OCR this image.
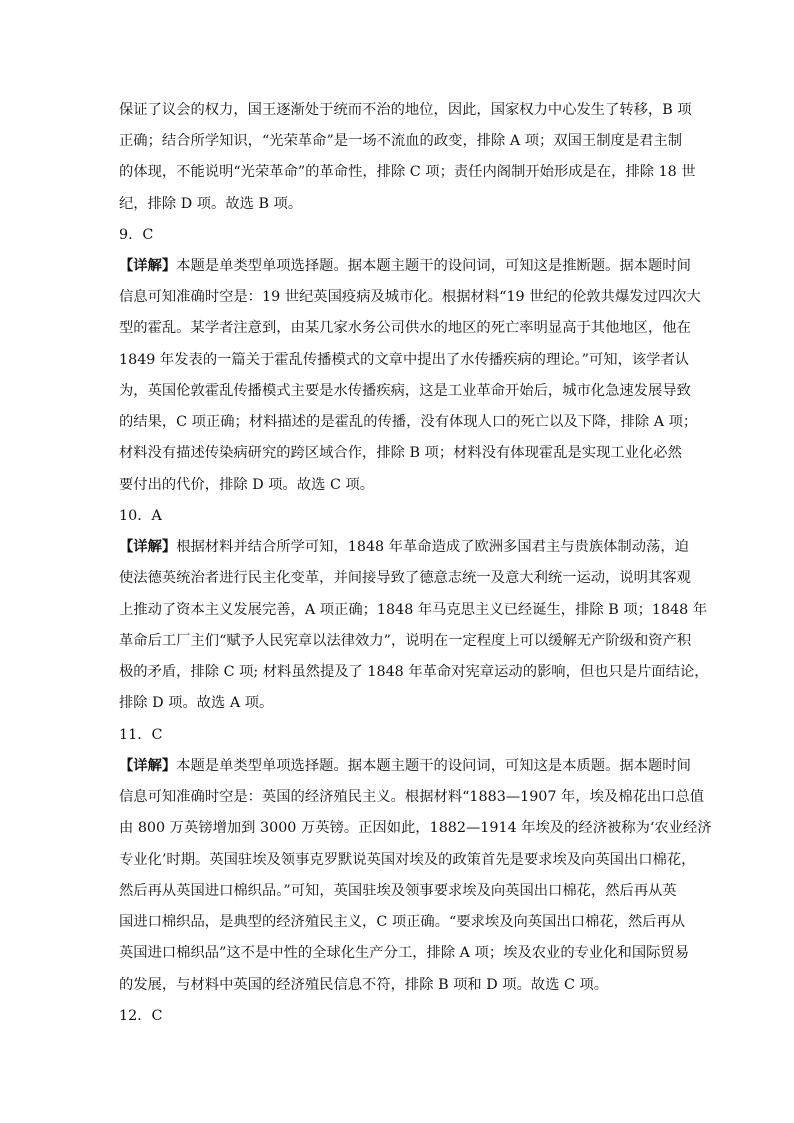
保证了议会的权力，国王逐渐处于统而不治的地位，因此，国家权力中心发生了转移，B 项
正确；结合所学知识，“光荣革命”是一场不流血的政变，排除 A 项；双国王制度是君主制
的体现，不能说明“光荣革命”的革命性，排除 C 项；责任内阁制开始形成是在，排除 18 世
纪，排除 D 项。故选 B 项。
9．C
【详解】本题是单类型单项选择题。据本题主题干的设问词，可知这是推断题。据本题时间
信息可知准确时空是：19 世纪英国疫病及城市化。根据材料“19 世纪的伦敦共爆发过四次大
型的霍乱。某学者注意到，由某几家水务公司供水的地区的死亡率明显高于其他地区，他在
1849 年发表的一篇关于霍乱传播模式的文章中提出了水传播疾病的理论。”可知，该学者认
为，英国伦敦霍乱传播模式主要是水传播疾病，这是工业革命开始后，城市化急速发展导致
的结果，C 项正确；材料描述的是霍乱的传播，没有体现人口的死亡以及下降，排除 A 项；
材料没有描述传染病研究的跨区域合作，排除 B 项；材料没有体现霍乱是实现工业化必然
要付出的代价，排除 D 项。故选 C 项。
10．A
【详解】根据材料并结合所学可知，1848 年革命造成了欧洲多国君主与贵族体制动荡，迫
使法德英统治者进行民主化变革，并间接导致了德意志统一及意大利统一运动，说明其客观
上推动了资本主义发展完善，A 项正确；1848 年马克思主义已经诞生，排除 B 项；1848 年
革命后工厂主们“赋予人民宪章以法律效力”，说明在一定程度上可以缓解无产阶级和资产积
极的矛盾，排除 C 项; 材料虽然提及了 1848 年革命对宪章运动的影响，但也只是片面结论，
排除 D 项。故选 A 项。
11．C
【详解】本题是单类型单项选择题。据本题主题干的设问词，可知这是本质题。据本题时间
信息可知准确时空是：英国的经济殖民主义。根据材料“1883—1907 年，埃及棉花出口总值
由 800 万英镑增加到 3000 万英镑。正因如此，1882—1914 年埃及的经济被称为‘农业经济
专业化’时期。英国驻埃及领事克罗默说英国对埃及的政策首先是要求埃及向英国出口棉花，
然后再从英国进口棉织品。”可知，英国驻埃及领事要求埃及向英国出口棉花，然后再从英
国进口棉织品，是典型的经济殖民主义，C 项正确。“要求埃及向英国出口棉花，然后再从
英国进口棉织品”这不是中性的全球化生产分工，排除 A 项；埃及农业的专业化和国际贸易
的发展，与材料中英国的经济殖民信息不符，排除 B 项和 D 项。故选 C 项。
12．C
